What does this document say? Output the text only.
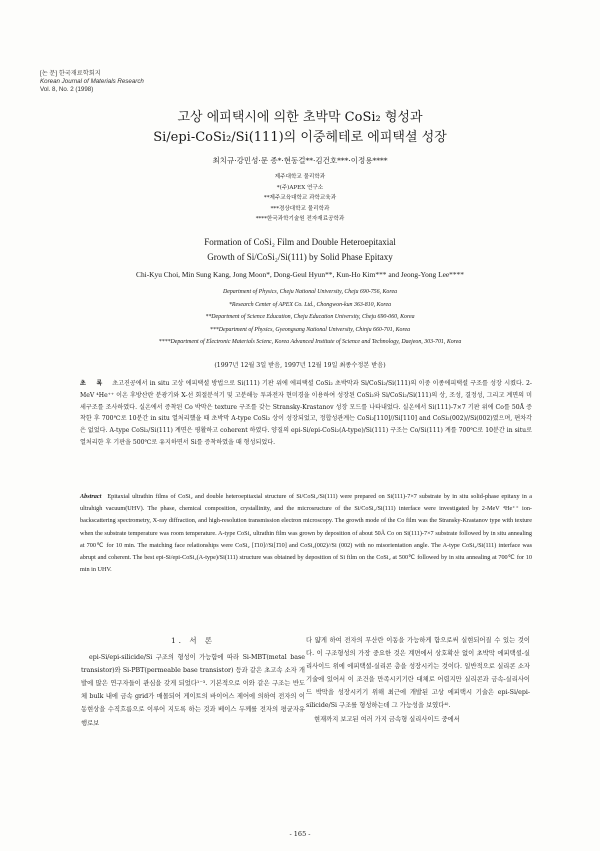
[논 문] 한국재료학회지
Korean Journal of Materials Research
Vol. 8, No. 2 (1998)
고상 에피택시에 의한 초박막 CoSi₂ 형성과
Si/epi-CoSi₂/Si(111)의 이중헤테로 에피택셜 성장
최치규·강민성·문 종*·현동걸**·김건호***·이정용****
제주대학교 물리학과
*(주)APEX 연구소
**제주교육대학교 과학교육과
***경상대학교 물리학과
****한국과학기술원 전자재료공학과
Formation of CoSi₂ Film and Double Heteroepitaxial
Growth of Si/CoSi₂/Si(111) by Solid Phase Epitaxy
Chi-Kyu Choi, Min Sung Kang, Jong Moon*, Dong-Geul Hyun**, Kun-Ho Kim*** and Jeong-Yong Lee****
Department of Physics, Cheju National University, Cheju 690-756, Korea
*Research Center of APEX Co. Ltd., Chongwon-kun 363-810, Korea
**Department of Science Education, Cheju Education University, Cheju 690-060, Korea
***Department of Physics, Gyeongsang National University, Chinju 660-701, Korea
****Department of Electronic Materials Scienc, Korea Advanced Institute of Science and Technology, Daejeon, 303-701, Korea
(1997년 12월 3일 받음, 1997년 12월 19일 최종수정본 받음)
초 록 초고진공에서 in situ 고상 에피택셜 방법으로 Si(111) 기판 위에 에피택셜 CoSi₂ 초박막과 Si/CoSi₂/Si(111)의 이중 이종에피택셜 구조를 성장 시켰다. 2-MeV ⁴He⁺⁺ 이온 후방산란 분광기와 X-선 회절분석기 및 고분해능 투과전자 현미경을 이용하여 성장된 CoSi₂와 Si/CoSi₂/Si(111)의 상, 조성, 결정성, 그리고 계면의 미세구조를 조사하였다. 실온에서 증착된 Co 박막은 texture 구조를 갖는 Stransky-Krastanov 성장 모드를 나타내었다. 실온에서 Si(111)-7×7 기판 위에 Co를 50Å 증착한 후 700℃로 10분간 in situ 열처리했을 때 초박막 A-type CoSi₂ 상이 성장되었고, 정합성관계는 CoSi₂[110]//Si[110] and CoSi₂(002)//Si(002)였으며, 편차각은 없었다. A-type CoSi₂/Si(111) 계면은 평활하고 coherent 하였다. 양질의 epi-Si/epi-CoSi₂(A-type)/Si(111) 구조는 Co/Si(111) 계를 700℃로 10분간 in situ로 열처리한 후 기판을 500℃로 유지하면서 Si를 증착하였을 때 형성되었다.
Abstract Epitaxial ultrathin films of CoSi₂ and double heteroepitaxial structure of Si/CoSi₂/Si(111) were prepared on Si(111)-7×7 substrate by in situ solid-phase epitaxy in a ultrahigh vacuum(UHV). The phase, chemical composition, crystallinity, and the microsructure of the Si/CoSi₂/Si(111) interface were investigated by 2-MeV ⁴He⁺⁺ ion-backscattering spectrometry, X-ray diffraction, and high-resolution transmission electron microscopy. The growth mode of the Co film was the Stransky-Krastanov type with texture when the substrate temperature was room temperature. A-type CoSi₂ ultrathin film was grown by deposition of about 50Å Co on Si(111)-7×7 substrate followed by in situ annealing at 700℃ for 10 min. The matching face relationships were CoSi₂ [1̄10]//Si[1̄10] and CoSi₂(002)//Si (002) with no misorientation angle. The A-type CoSi₂/Si(111) interface was abrupt and coherent. The best epi-Si/epi-CoSi₂(A-type)/Si(111) structure was obtained by deposition of Si film on the CoSi₂ at 500℃ followed by in situ annealing at 700℃ for 10 min in UHV.
1. 서 론
epi-Si/epi-silicide/Si 구조의 형성이 가능함에 따라 Si-MBT(metal base transistor)와 Si-PBT(permeable base transistor) 등과 같은 초고속 소자 개발에 많은 연구자들이 관심을 갖게 되었다¹⁻³. 기본적으로 이와 같은 구조는 반도체 bulk 내에 금속 grid가 매몰되어 게이트의 바이어스 제어에 의하여 전자의 이동현상을 수직흐름으로 이루어 지도록 하는 것과 베이스 두께를 전자의 평균자유행로보
다 얇게 하여 전자의 무산란 이동을 가능하게 함으로써 실현되어질 수 있는 것이다. 이 구조형성의 가장 중요한 것은 계면에서 상호확산 없이 초박막 에피택셜-실리사이드 위에 에피택셜-실리콘 층을 성장시키는 것이다. 일반적으로 실리콘 소자 기술에 있어서 이 조건을 만족시키기란 대체로 어렵지만 실리콘과 금속-실리사이드 박막을 성장시키기 위해 최근에 개발된 고상 에피택시 기술은 epi-Si/epi-silicide/Si 구조를 형성하는데 그 가능성을 보였다⁴⁾.
현재까지 보고된 여러 가지 금속형 실리사이드 중에서
- 165 -
